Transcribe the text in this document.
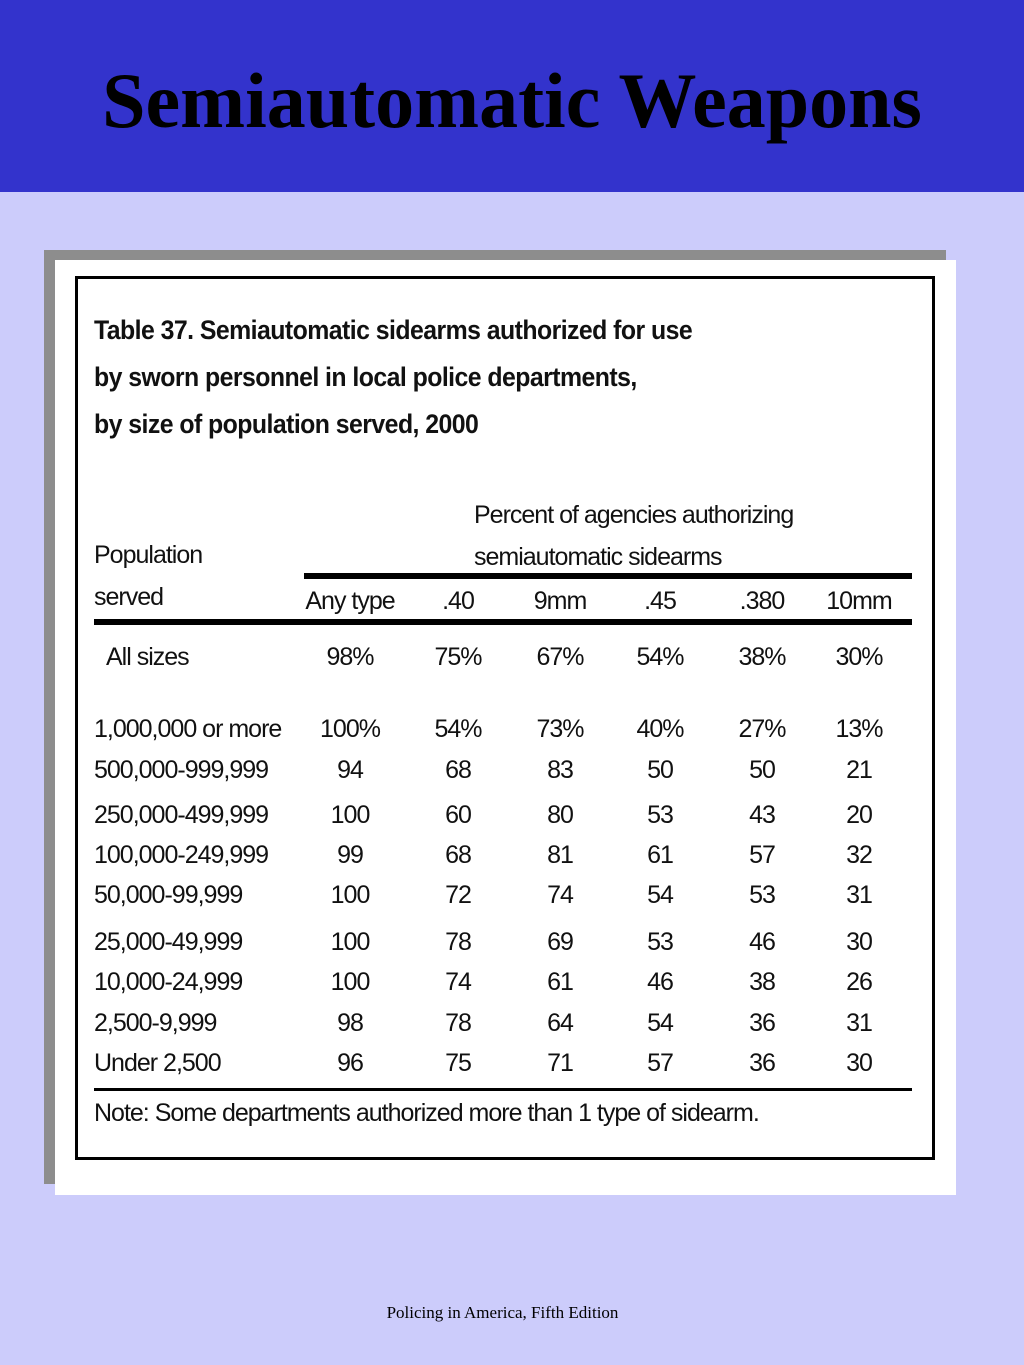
Semiautomatic Weapons
Table 37. Semiautomatic sidearms authorized for use
by sworn personnel in local police departments,
by size of population served, 2000
Population
served
Percent of agencies authorizing
semiautomatic sidearms
Any type	.40	9mm	.45	.380	10mm
All sizes	98%	75%	67%	54%	38%	30%
1,000,000 or more	100%	54%	73%	40%	27%	13%
500,000-999,999	94	68	83	50	50	21
250,000-499,999	100	60	80	53	43	20
100,000-249,999	99	68	81	61	57	32
50,000-99,999	100	72	74	54	53	31
25,000-49,999	100	78	69	53	46	30
10,000-24,999	100	74	61	46	38	26
2,500-9,999	98	78	64	54	36	31
Under 2,500	96	75	71	57	36	30
Note: Some departments authorized more than 1 type of sidearm.
Policing in America, Fifth Edition
